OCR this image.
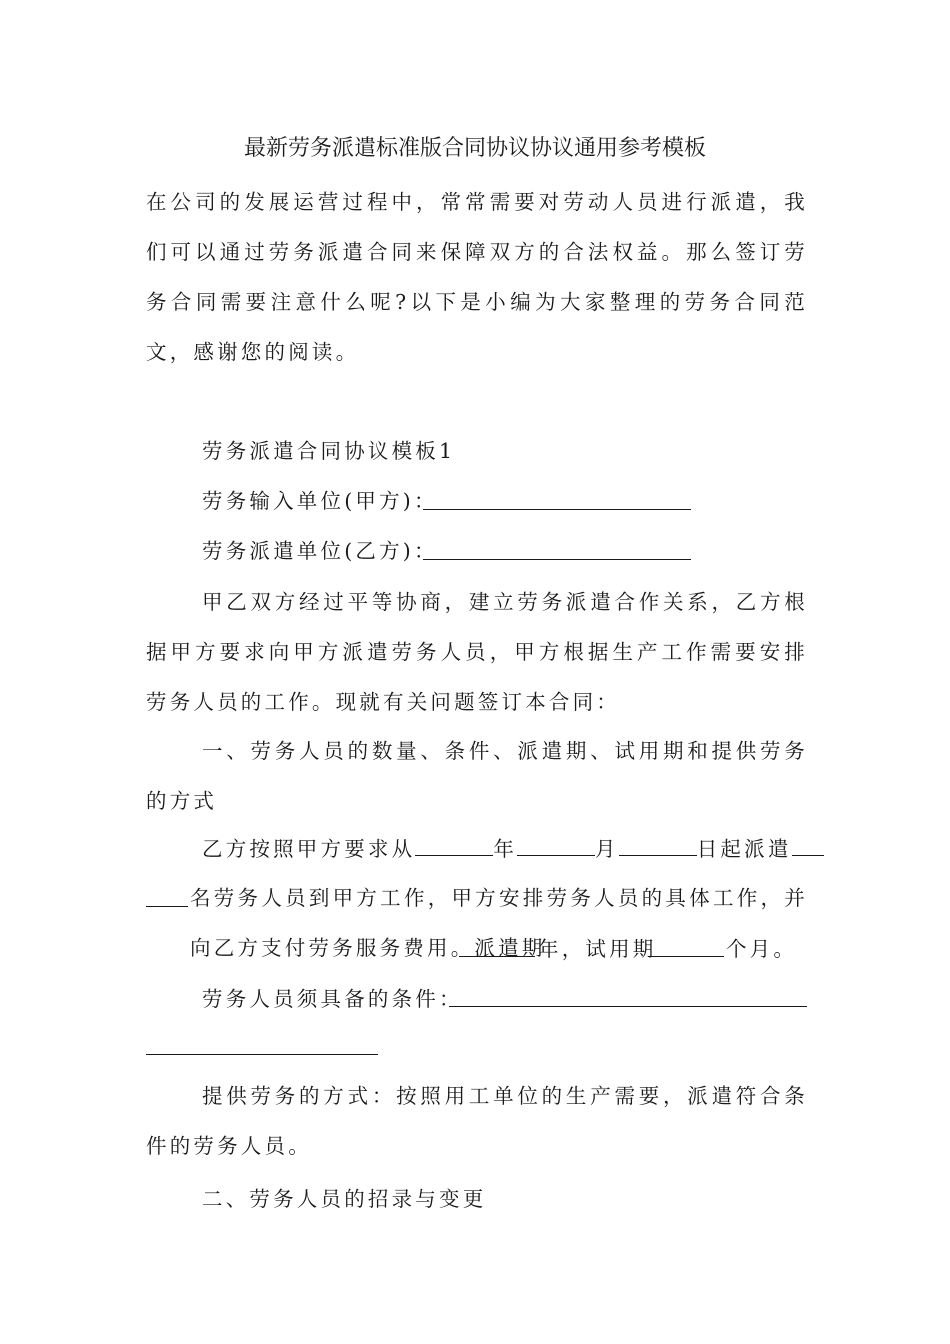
最新劳务派遣标准版合同协议协议通用参考模板

在公司的发展运营过程中，常常需要对劳动人员进行派遣，我们可以通过劳务派遣合同来保障双方的合法权益。那么签订劳务合同需要注意什么呢?以下是小编为大家整理的劳务合同范文，感谢您的阅读。

劳务派遣合同协议模板1

劳务输入单位(甲方)：

劳务派遣单位(乙方)：

甲乙双方经过平等协商，建立劳务派遣合作关系，乙方根据甲方要求向甲方派遣劳务人员，甲方根据生产工作需要安排劳务人员的工作。现就有关问题签订本合同：

一、劳务人员的数量、条件、派遣期、试用期和提供劳务的方式

乙方按照甲方要求从	年	月	日起派遣

名劳务人员到甲方工作，甲方安排劳务人员的具体工作，并向乙方支付劳务服务费用。派遣期

年，试用期	个月。

劳务人员须具备的条件：

提供劳务的方式：按照用工单位的生产需要，派遣符合条件的劳务人员。

二、劳务人员的招录与变更
